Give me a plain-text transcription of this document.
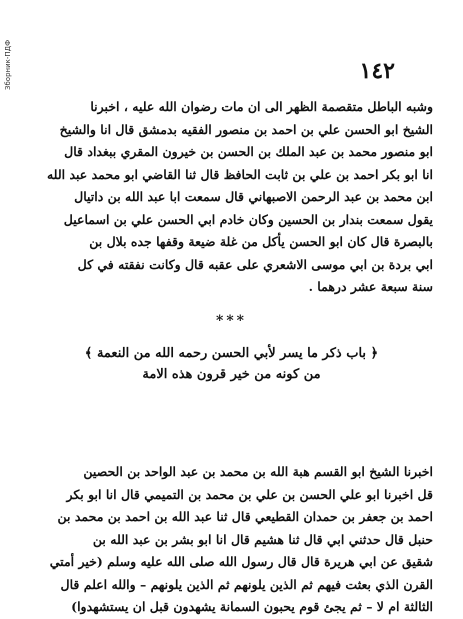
Зборник-ПДФ	١٤٢
وشبه الباطل متقصمة الظهر الى ان مات رضوان الله عليه ، اخبرنا
الشيخ ابو الحسن علي بن احمد بن منصور الفقيه بدمشق قال انا والشيخ
ابو منصور محمد بن عبد الملك بن الحسن بن خيرون المقري ببغداد قال
انا ابو بكر احمد بن علي بن ثابت الحافظ قال ثنا القاضي ابو محمد عبد الله
ابن محمد بن عبد الرحمن الاصبهاني قال سمعت ابا عبد الله بن داتيال
يقول سمعت بندار بن الحسين وكان خادم ابي الحسن علي بن اسماعيل
بالبصرة قال كان ابو الحسن يأكل من غلة ضيعة وقفها جده بلال بن
ابي بردة بن ابي موسى الاشعري على عقبه قال وكانت نفقته في كل
سنة سبعة عشر درهما .
***
﴿ باب ذكر ما يسر لأبي الحسن رحمه الله من النعمة ﴾
من كونه من خير قرون هذه الامة
اخبرنا الشيخ ابو القسم هبة الله بن محمد بن عبد الواحد بن الحصين
قل اخبرنا ابو علي الحسن بن علي بن محمد بن التميمي قال انا ابو بكر
احمد بن جعفر بن حمدان القطيعي قال ثنا عبد الله بن احمد بن محمد بن
حنبل قال حدثني ابي قال ثنا هشيم قال انا ابو بشر بن عبد الله بن
شقيق عن ابي هريرة قال قال رسول الله صلى الله عليه وسلم (خير أمتي
القرن الذي بعثت فيهم ثم الذين يلونهم ثم الذين يلونهم – والله اعلم قال
الثالثة ام لا – ثم يجئ قوم يحبون السمانة يشهدون قبل ان يستشهدوا)
